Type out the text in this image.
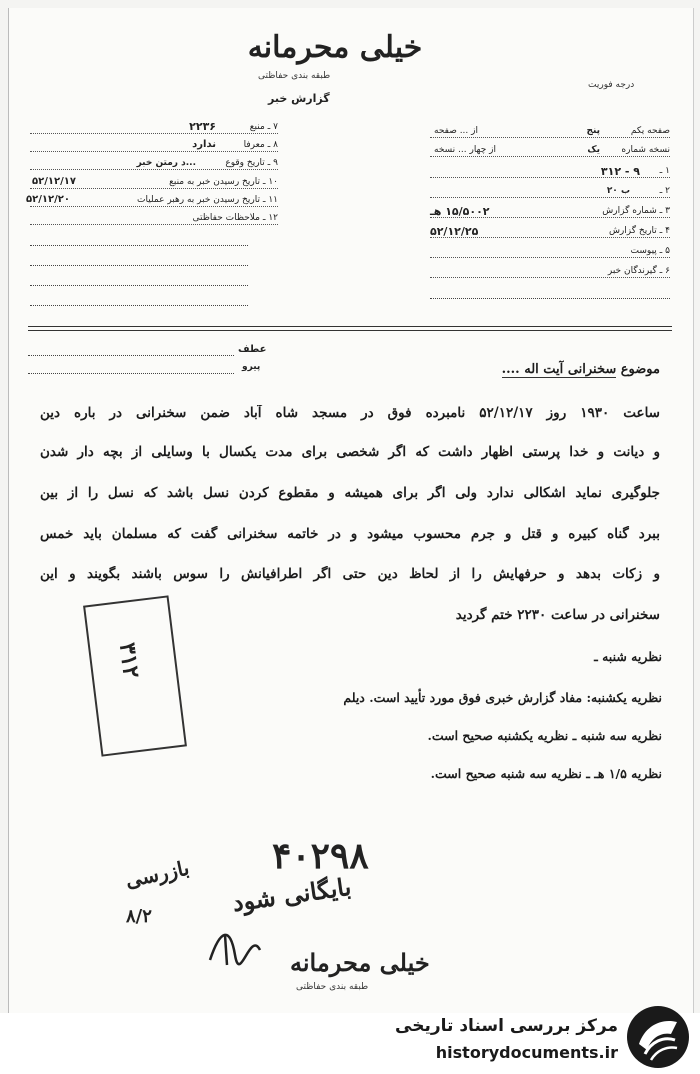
خیلی محرمانه
طبقه بندی حفاظتی
گزارش خبر
درجه فوریت
۷ ـ منبع
۲۲۳۶
۸ ـ معرفا
ندارد
۹ ـ تاریخ وقوع
...د رمتن خبر
۱۰ ـ تاریخ رسیدن خبر به منبع
۵۲/۱۲/۱۷
۱۱ ـ تاریخ رسیدن خبر به رهبر عملیات
۵۲/۱۲/۲۰
۱۲ ـ ملاحظات حفاظتی
صفحه یکم
پنج
از ... صفحه
نسخه شماره
یک
از چهار ... نسخه
۱ ـ
۹ - ۳۱۲
۲ ـ
ب ۲۰
۳ ـ شماره گزارش
۱۵/۵۰۰۲ هـ
۴ ـ تاریخ گزارش
۵۲/۱۲/۲۵
۵ ـ پیوست
۶ ـ گیرندگان خبر
عطف
پیرو	موضوع سخنرانی آیت اله ....
ساعت ۱۹۳۰ روز ۵۲/۱۲/۱۷ نامبرده فوق در مسجد شاه آباد ضمن سخنرانی در باره دین
و دیانت و خدا پرستی اظهار داشت که اگر شخصی برای مدت یکسال با وسایلی از بچه دار شدن
جلوگیری نماید اشکالی ندارد ولی اگر برای همیشه و مقطوع کردن نسل باشد که نسل را از بین
ببرد گناه کبیره و قتل و جرم محسوب میشود و در خاتمه سخنرانی گفت که مسلمان باید خمس
و زکات بدهد و حرفهایش را از لحاظ دین حتی اگر اطرافیانش را سوس باشند بگویند و این
سخنرانی در ساعت ۲۲۳۰ ختم گردید
نظریه شنبه ـ
نظریه یکشنبه: مفاد گزارش خبری فوق مورد تأیید است. دیلم
نظریه سه شنبه ـ نظریه یکشنبه صحیح است.
نظریه ۱/۵ هـ ـ نظریه سه شنبه صحیح است.
۳۱۲
۴۰۲۹۸
بایگانی شود
بازرسی
۸/۲
خیلی محرمانه
طبقه بندی حفاظتی
مرکز بررسی اسناد تاریخی
historydocuments.ir
